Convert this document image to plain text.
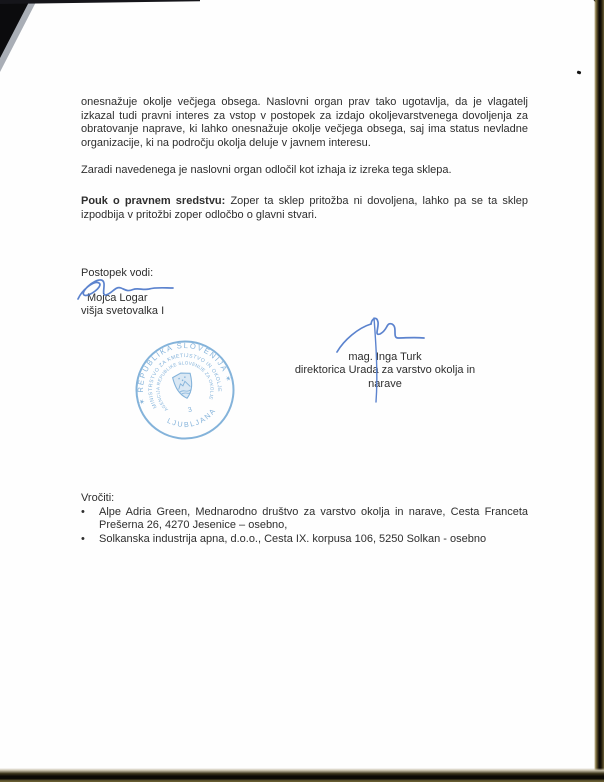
onesnažuje okolje večjega obsega. Naslovni organ prav tako ugotavlja, da je vlagatelj izkazal tudi pravni interes za vstop v postopek za izdajo okoljevarstvenega dovoljenja za obratovanje naprave, ki lahko onesnažuje okolje večjega obsega, saj ima status nevladne organizacije, ki na področju okolja deluje v javnem interesu.
Zaradi navedenega je naslovni organ odločil kot izhaja iz izreka tega sklepa.
Pouk o pravnem sredstvu: Zoper ta sklep pritožba ni dovoljena, lahko pa se ta sklep izpodbija v pritožbi zoper odločbo o glavni stvari.
Postopek vodi:
Mojca Logar
višja svetovalka I
mag. Inga Turk
direktorica Urada za varstvo okolja in narave
✶ REPUBLIKA SLOVENIJA ✶
MINISTRSTVO ZA KMETIJSTVO IN OKOLJE
AGENCIJA REPUBLIKE SLOVENIJE ZA OKOLJE
LJUBLJANA
3
Vročiti:
•	Alpe Adria Green, Mednarodno društvo za varstvo okolja in narave, Cesta Franceta Prešerna 26, 4270 Jesenice – osebno,
•	Solkanska industrija apna, d.o.o., Cesta IX. korpusa 106, 5250 Solkan - osebno
